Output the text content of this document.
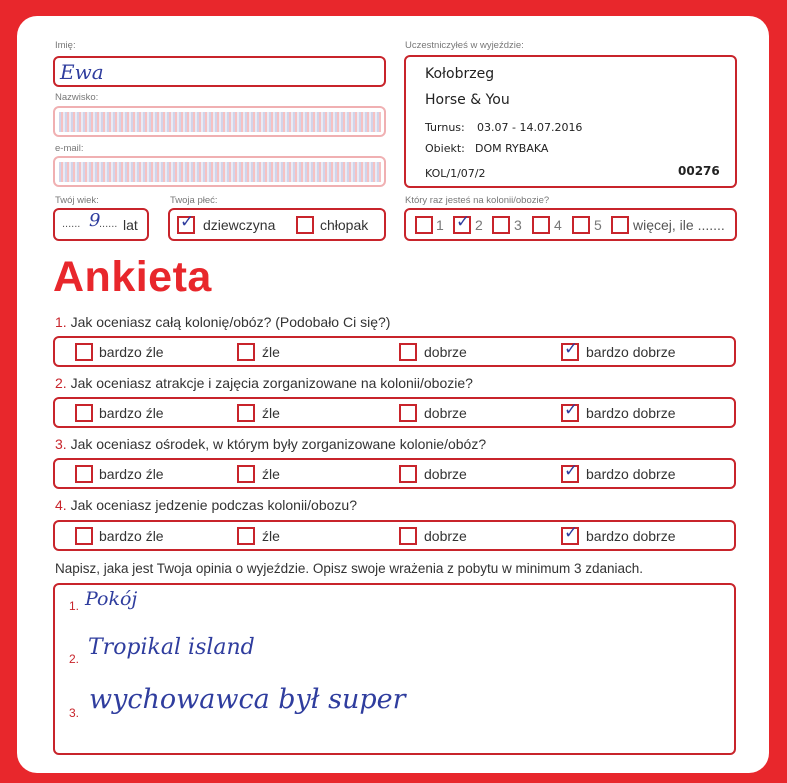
Imię:
Ewa
Nazwisko:
e-mail:
Twój wiek:
...... 9
...... lat
Twoja płeć:
✓ dziewczyna	chłopak
Uczestniczyłeś w wyjeździe:
Kołobrzeg
Horse & You
Turnus: 03.07 - 14.07.2016
Obiekt: DOM RYBAKA
KOL/1/07/2	00276
Który raz jesteś na kolonii/obozie?
1 ✓ 2 3 4 5 więcej, ile .......
Ankieta
1. Jak oceniasz całą kolonię/obóz? (Podobało Ci się?)
bardzo źle	źle	dobrze	✓ bardzo dobrze
2. Jak oceniasz atrakcje i zajęcia zorganizowane na kolonii/obozie?
bardzo źle	źle	dobrze	✓ bardzo dobrze
3. Jak oceniasz ośrodek, w którym były zorganizowane kolonie/obóz?
bardzo źle	źle	dobrze	✓ bardzo dobrze
4. Jak oceniasz jedzenie podczas kolonii/obozu?
bardzo źle	źle	dobrze	✓ bardzo dobrze
Napisz, jaka jest Twoja opinia o wyjeździe. Opisz swoje wrażenia z pobytu w minimum 3 zdaniach.
1. Pokój
2. Tropikal island
3. wychowawca był super
